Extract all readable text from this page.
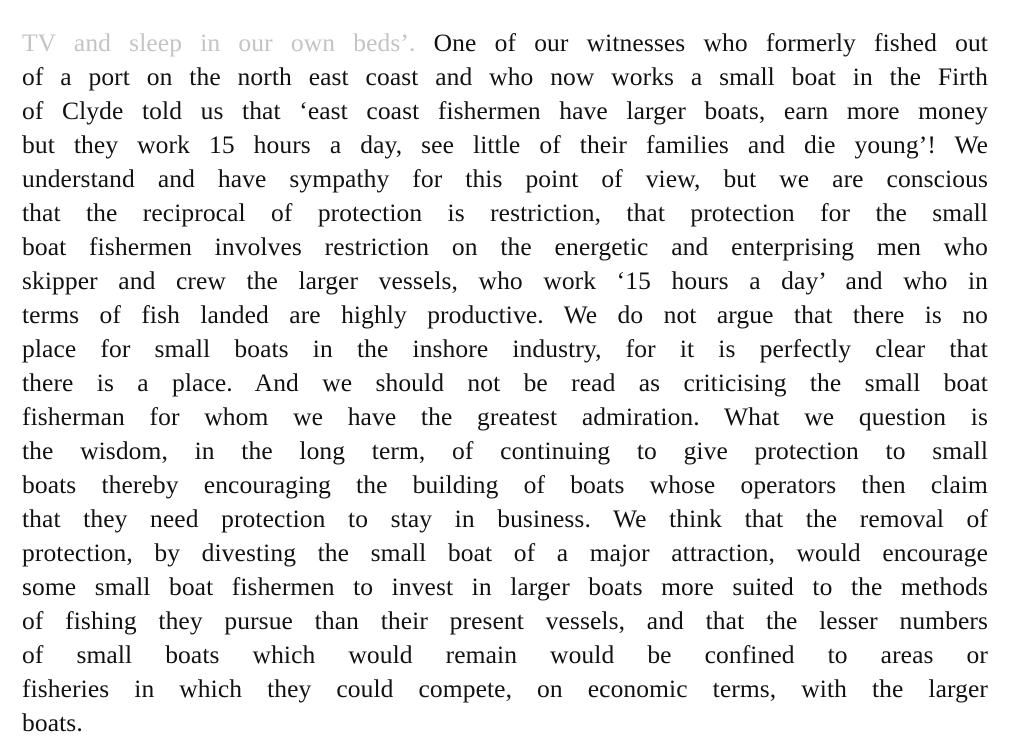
TV and sleep in our own beds’. One of our witnesses who formerly fished out
of a port on the north east coast and who now works a small boat in the Firth
of Clyde told us that ‘east coast fishermen have larger boats, earn more money
but they work 15 hours a day, see little of their families and die young’! We
understand and have sympathy for this point of view, but we are conscious
that the reciprocal of protection is restriction, that protection for the small
boat fishermen involves restriction on the energetic and enterprising men who
skipper and crew the larger vessels, who work ‘15 hours a day’ and who in
terms of fish landed are highly productive. We do not argue that there is no
place for small boats in the inshore industry, for it is perfectly clear that
there is a place. And we should not be read as criticising the small boat
fisherman for whom we have the greatest admiration. What we question is
the wisdom, in the long term, of continuing to give protection to small
boats thereby encouraging the building of boats whose operators then claim
that they need protection to stay in business. We think that the removal of
protection, by divesting the small boat of a major attraction, would encourage
some small boat fishermen to invest in larger boats more suited to the methods
of fishing they pursue than their present vessels, and that the lesser numbers
of small boats which would remain would be confined to areas or
fisheries in which they could compete, on economic terms, with the larger
boats.
